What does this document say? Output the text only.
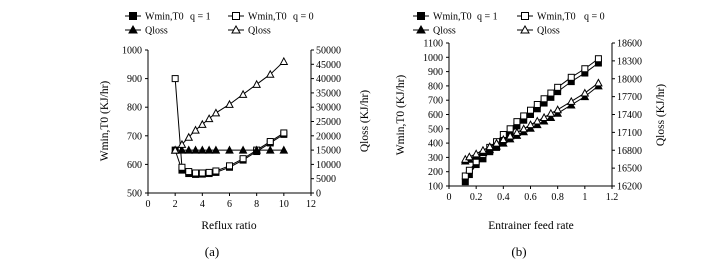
Wmin,T0 q = 1	Wmin,T0 q = 0
Qloss	Qloss
0 2 4 6 8 10 12
500
600
700
800
900
1000
0
5000
10000
15000
20000
25000
30000
35000
40000
45000
50000
Wmin,T0 (KJ/hr)	Qloss (KJ/hr)
Reflux ratio
(a)
Wmin,T0 q = 1	Wmin,T0 q = 0
Qloss	Qloss
0 0.2 0.4 0.6 0.8 1 1.2
100
200
300
400
500
600
700
800
900
1000
1100
16200
16500
16800
17100
17400
17700
18000
18300
18600
Wmin,T0 (KJ/hr)	Qloss (KJ/hr)
Entrainer feed rate
(b)
